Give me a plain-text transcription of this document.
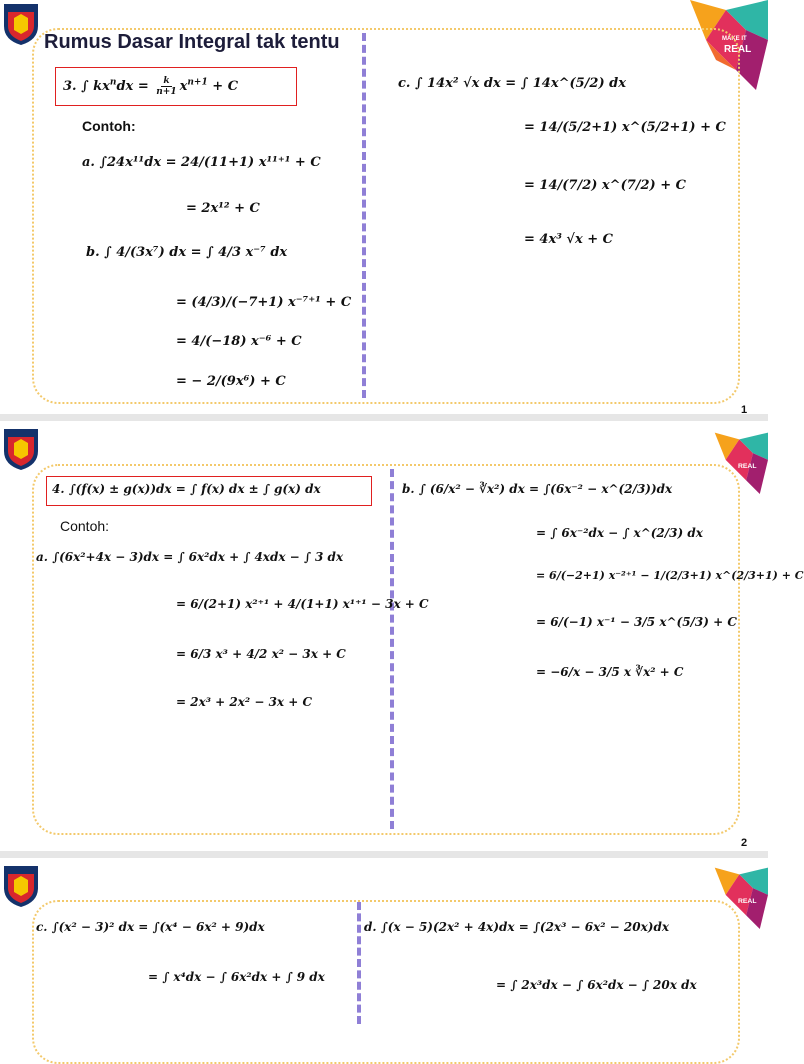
MAKE IT
REAL
Rumus Dasar Integral tak tentu
3. ∫ $kx^ndx = \frac{k}{n+1} x^{n+1} + C$
Contoh:
a. ∫24x¹¹dx = 24/(11+1) x¹¹⁺¹ + C
= 2x¹² + C
b. ∫ 4/(3x⁷) dx = ∫ 4/3 x⁻⁷ dx
= (4/3)/(−7+1) x⁻⁷⁺¹ + C
= 4/(−18) x⁻⁶ + C
= − 2/(9x⁶) + C
c. ∫ 14x² √x dx = ∫ 14x^(5/2) dx
= 14/(5/2+1) x^(5/2+1) + C
= 14/(7/2) x^(7/2) + C
= 4x³ √x + C
1
REAL
4. ∫(f(x) ± g(x))dx = ∫ f(x) dx ± ∫ g(x) dx
Contoh:
a. ∫(6x²+4x − 3)dx = ∫ 6x²dx + ∫ 4xdx − ∫ 3 dx
= 6/(2+1) x²⁺¹ + 4/(1+1) x¹⁺¹ − 3x + C
= 6/3 x³ + 4/2 x² − 3x + C
= 2x³ + 2x² − 3x + C
b. ∫ (6/x² − ∛x²) dx = ∫(6x⁻² − x^(2/3))dx
= ∫ 6x⁻²dx − ∫ x^(2/3) dx
= 6/(−2+1) x⁻²⁺¹ − 1/(2/3+1) x^(2/3+1) + C
= 6/(−1) x⁻¹ − 3/5 x^(5/3) + C
= −6/x − 3/5 x ∛x² + C
2
REAL
c. ∫(x² − 3)² dx = ∫(x⁴ − 6x² + 9)dx
= ∫ x⁴dx − ∫ 6x²dx + ∫ 9 dx
d. ∫(x − 5)(2x² + 4x)dx = ∫(2x³ − 6x² − 20x)dx
= ∫ 2x³dx − ∫ 6x²dx − ∫ 20x dx
